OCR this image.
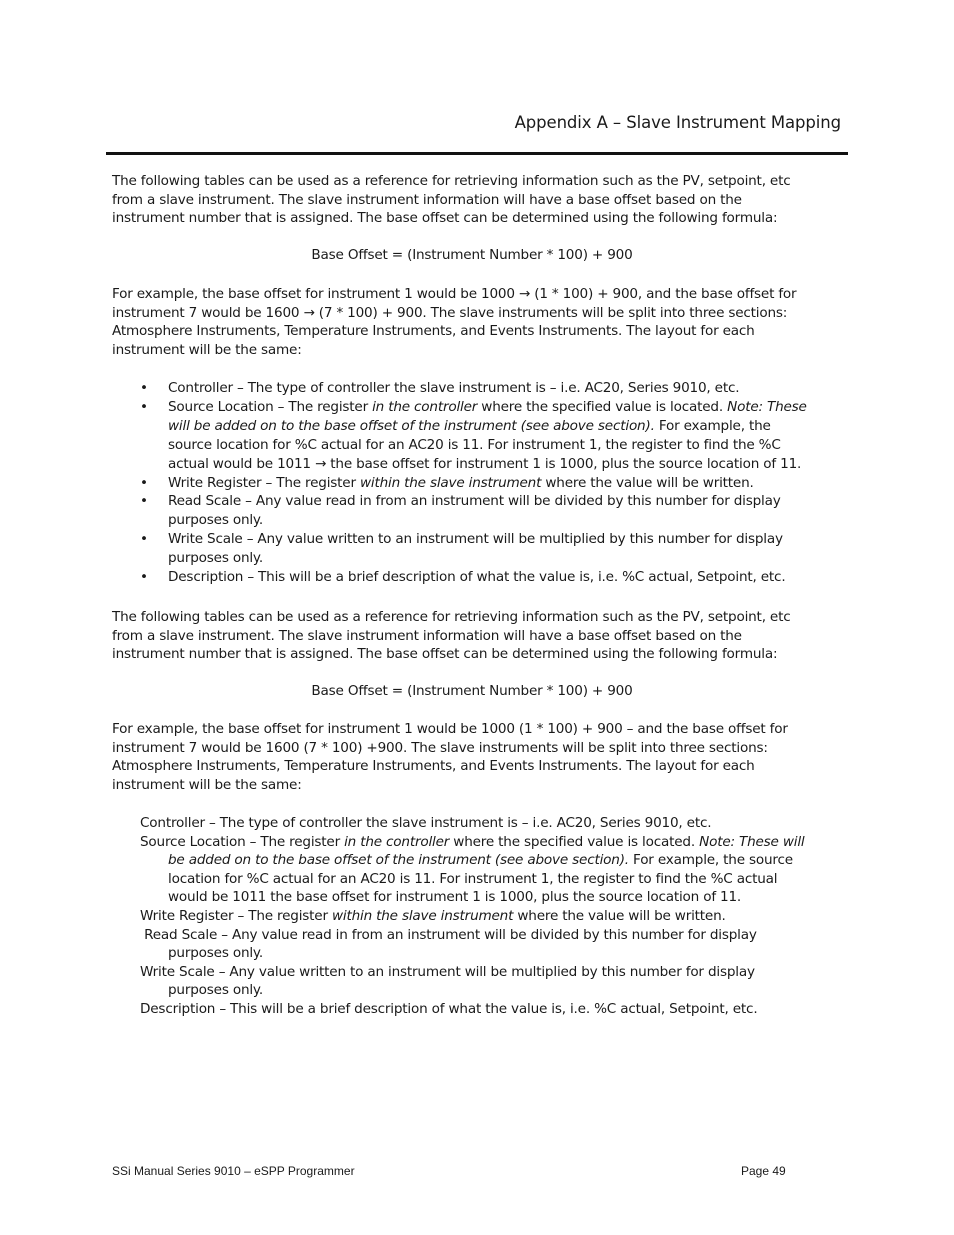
Appendix A – Slave Instrument Mapping
The following tables can be used as a reference for retrieving information such as the PV, setpoint, etc
from a slave instrument. The slave instrument information will have a base offset based on the
instrument number that is assigned. The base offset can be determined using the following formula:
Base Offset = (Instrument Number * 100) + 900
For example, the base offset for instrument 1 would be 1000 → (1 * 100) + 900, and the base offset for
instrument 7 would be 1600 → (7 * 100) + 900. The slave instruments will be split into three sections:
Atmosphere Instruments, Temperature Instruments, and Events Instruments. The layout for each
instrument will be the same:
• Controller – The type of controller the slave instrument is – i.e. AC20, Series 9010, etc.
• Source Location – The register in the controller where the specified value is located. Note: These
will be added on to the base offset of the instrument (see above section). For example, the
source location for %C actual for an AC20 is 11. For instrument 1, the register to find the %C
actual would be 1011 → the base offset for instrument 1 is 1000, plus the source location of 11.
• Write Register – The register within the slave instrument where the value will be written.
• Read Scale – Any value read in from an instrument will be divided by this number for display
purposes only.
• Write Scale – Any value written to an instrument will be multiplied by this number for display
purposes only.
• Description – This will be a brief description of what the value is, i.e. %C actual, Setpoint, etc.
The following tables can be used as a reference for retrieving information such as the PV, setpoint, etc
from a slave instrument. The slave instrument information will have a base offset based on the
instrument number that is assigned. The base offset can be determined using the following formula:
Base Offset = (Instrument Number * 100) + 900
For example, the base offset for instrument 1 would be 1000 (1 * 100) + 900 – and the base offset for
instrument 7 would be 1600 (7 * 100) +900. The slave instruments will be split into three sections:
Atmosphere Instruments, Temperature Instruments, and Events Instruments. The layout for each
instrument will be the same:
Controller – The type of controller the slave instrument is – i.e. AC20, Series 9010, etc.
Source Location – The register in the controller where the specified value is located. Note: These will
be added on to the base offset of the instrument (see above section). For example, the source
location for %C actual for an AC20 is 11. For instrument 1, the register to find the %C actual
would be 1011 the base offset for instrument 1 is 1000, plus the source location of 11.
Write Register – The register within the slave instrument where the value will be written.
Read Scale – Any value read in from an instrument will be divided by this number for display
purposes only.
Write Scale – Any value written to an instrument will be multiplied by this number for display
purposes only.
Description – This will be a brief description of what the value is, i.e. %C actual, Setpoint, etc.
SSi Manual Series 9010 – eSPP Programmer	Page 49
